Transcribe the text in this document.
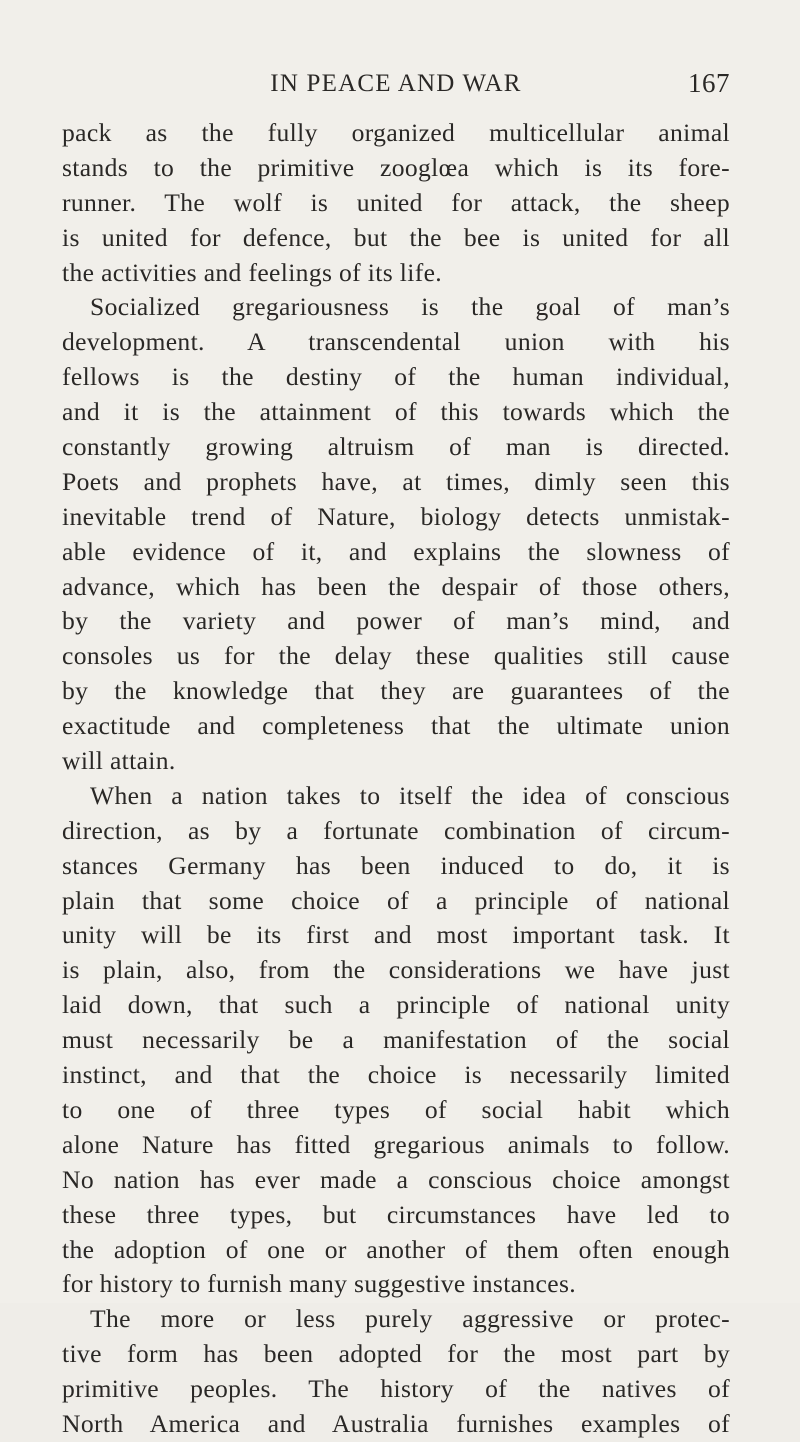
IN PEACE AND WAR	167
pack as the fully organized multicellular animal
stands to the primitive zooglœa which is its fore-
runner. The wolf is united for attack, the sheep
is united for defence, but the bee is united for all
the activities and feelings of its life.
Socialized gregariousness is the goal of man’s
development. A transcendental union with his
fellows is the destiny of the human individual,
and it is the attainment of this towards which the
constantly growing altruism of man is directed.
Poets and prophets have, at times, dimly seen this
inevitable trend of Nature, biology detects unmistak-
able evidence of it, and explains the slowness of
advance, which has been the despair of those others,
by the variety and power of man’s mind, and
consoles us for the delay these qualities still cause
by the knowledge that they are guarantees of the
exactitude and completeness that the ultimate union
will attain.
When a nation takes to itself the idea of conscious
direction, as by a fortunate combination of circum-
stances Germany has been induced to do, it is
plain that some choice of a principle of national
unity will be its first and most important task. It
is plain, also, from the considerations we have just
laid down, that such a principle of national unity
must necessarily be a manifestation of the social
instinct, and that the choice is necessarily limited
to one of three types of social habit which
alone Nature has fitted gregarious animals to follow.
No nation has ever made a conscious choice amongst
these three types, but circumstances have led to
the adoption of one or another of them often enough
for history to furnish many suggestive instances.
The more or less purely aggressive or protec-
tive form has been adopted for the most part by
primitive peoples. The history of the natives of
North America and Australia furnishes examples of
